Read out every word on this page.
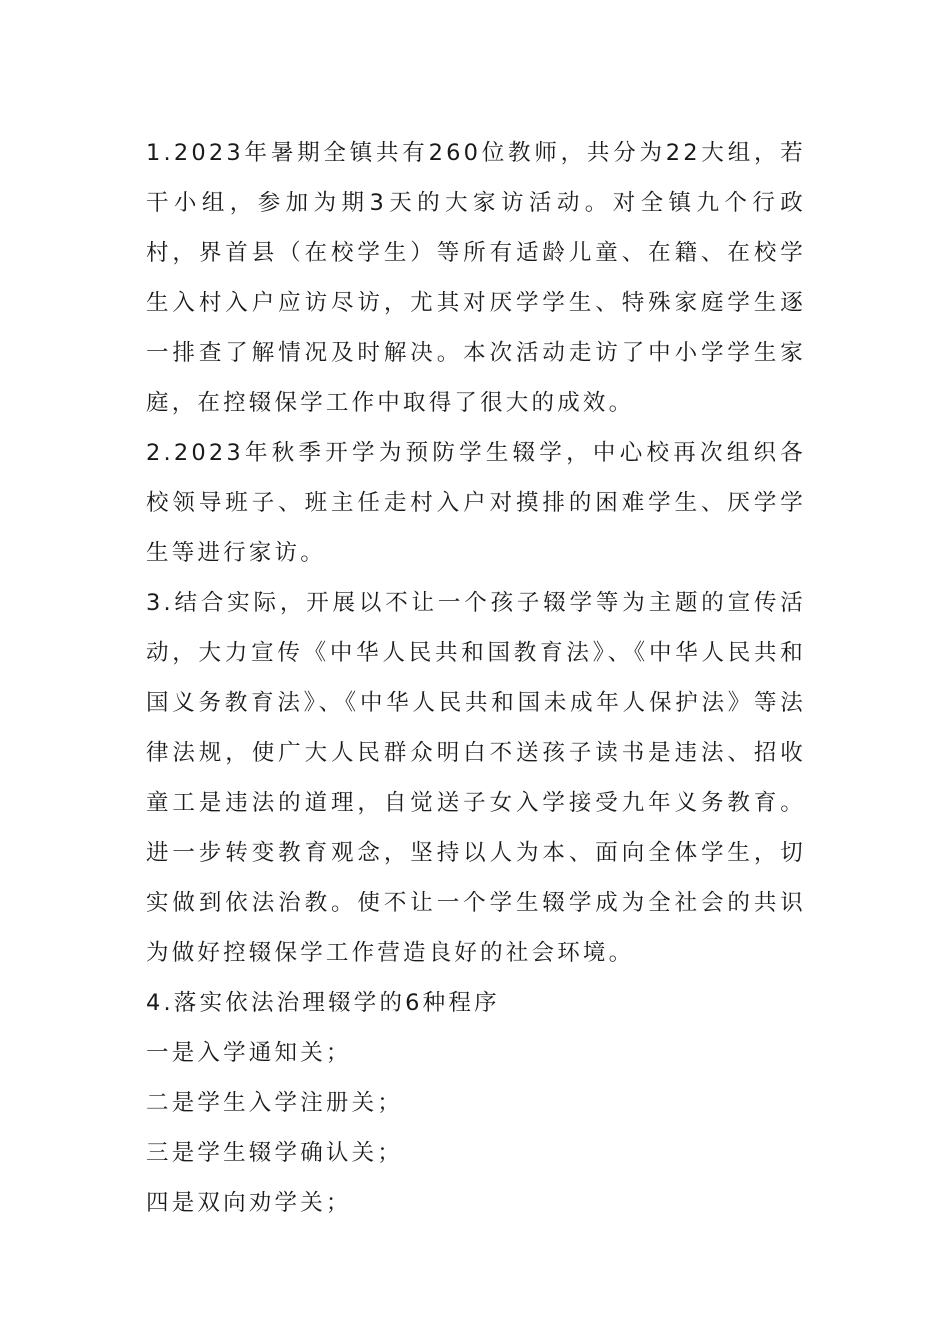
1.2023年暑期全镇共有260位教师，共分为22大组，若干小组，参加为期3天的大家访活动。对全镇九个行政村，界首县（在校学生）等所有适龄儿童、在籍、在校学生入村入户应访尽访，尤其对厌学学生、特殊家庭学生逐一排查了解情况及时解决。本次活动走访了中小学学生家庭，在控辍保学工作中取得了很大的成效。

2.2023年秋季开学为预防学生辍学，中心校再次组织各校领导班子、班主任走村入户对摸排的困难学生、厌学学生等进行家访。

3.结合实际，开展以不让一个孩子辍学等为主题的宣传活动，大力宣传《中华人民共和国教育法》、《中华人民共和国义务教育法》、《中华人民共和国未成年人保护法》等法律法规，使广大人民群众明白不送孩子读书是违法、招收童工是违法的道理，自觉送子女入学接受九年义务教育。进一步转变教育观念，坚持以人为本、面向全体学生，切实做到依法治教。使不让一个学生辍学成为全社会的共识为做好控辍保学工作营造良好的社会环境。

4.落实依法治理辍学的6种程序

一是入学通知关；

二是学生入学注册关；

三是学生辍学确认关；

四是双向劝学关；
